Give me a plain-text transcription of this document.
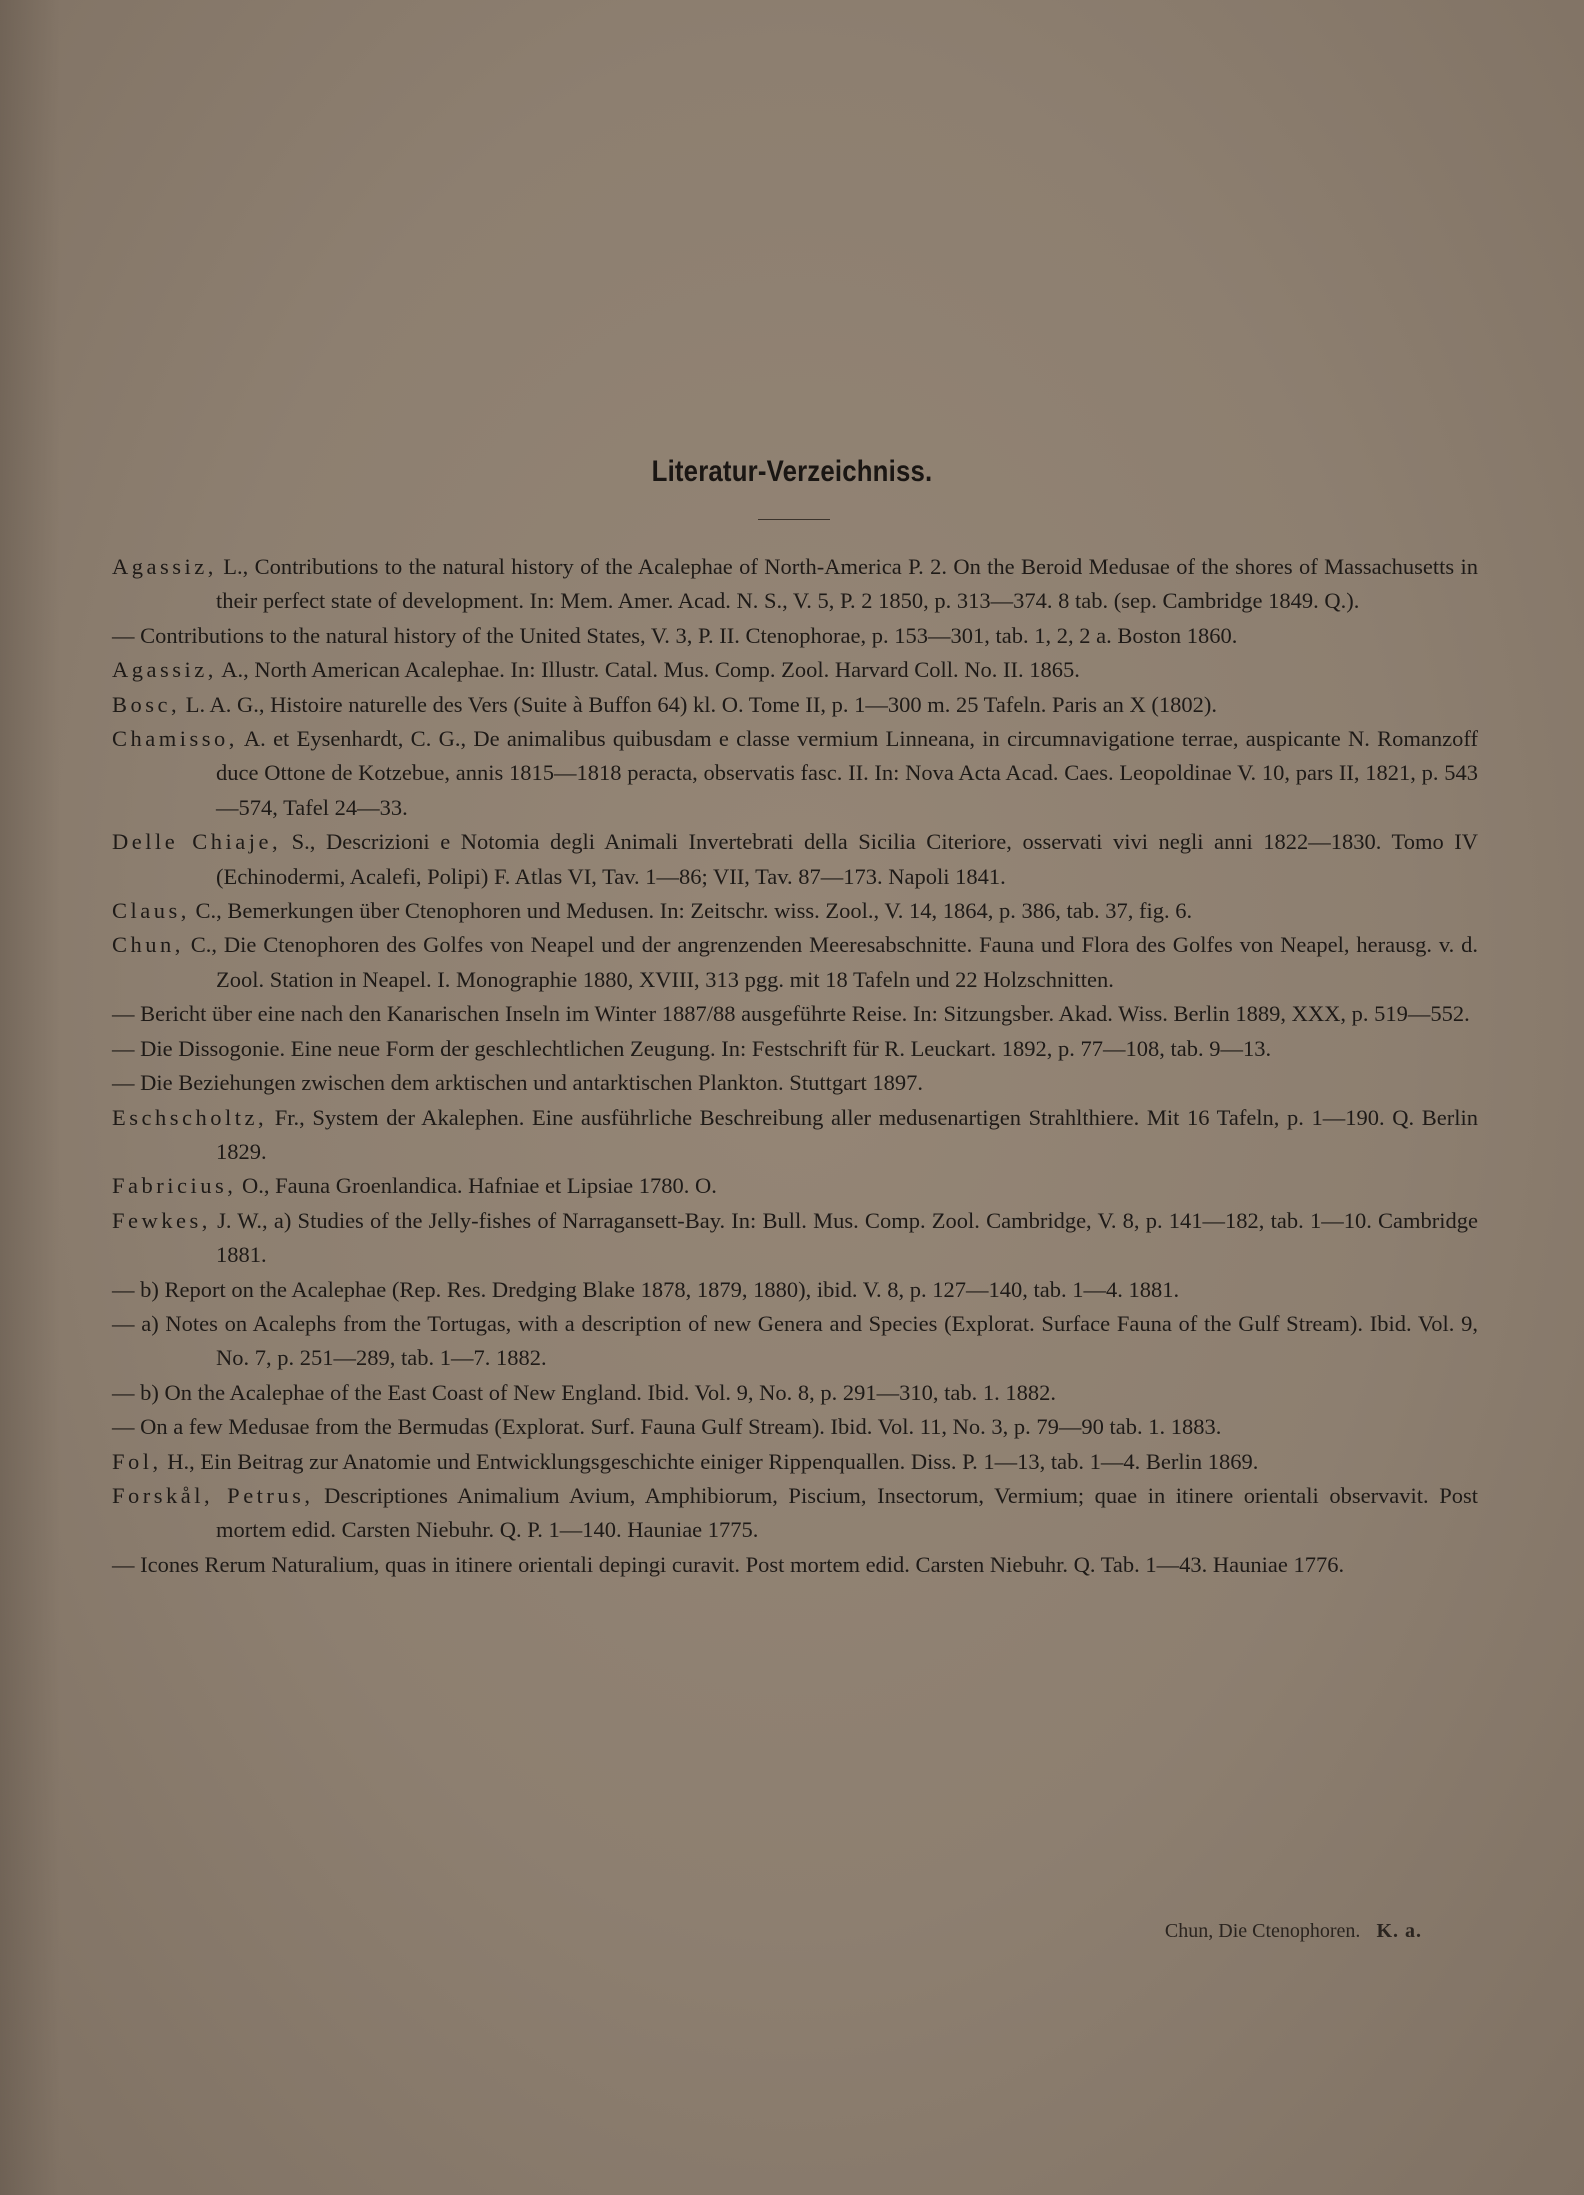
Literatur-Verzeichniss.
Agassiz, L., Contributions to the natural history of the Acalephae of North-America P. 2. On the Beroid Medusae of the shores of Massachusetts in their perfect state of development. In: Mem. Amer. Acad. N. S., V. 5, P. 2 1850, p. 313—374. 8 tab. (sep. Cambridge 1849. Q.).
— Contributions to the natural history of the United States, V. 3, P. II. Ctenophorae, p. 153—301, tab. 1, 2, 2 a. Boston 1860.
Agassiz, A., North American Acalephae. In: Illustr. Catal. Mus. Comp. Zool. Harvard Coll. No. II. 1865.
Bosc, L. A. G., Histoire naturelle des Vers (Suite à Buffon 64) kl. O. Tome II, p. 1—300 m. 25 Tafeln. Paris an X (1802).
Chamisso, A. et Eysenhardt, C. G., De animalibus quibusdam e classe vermium Linneana, in circumnavigatione terrae, auspicante N. Romanzoff duce Ottone de Kotzebue, annis 1815—1818 peracta, observatis fasc. II. In: Nova Acta Acad. Caes. Leopoldinae V. 10, pars II, 1821, p. 543—574, Tafel 24—33.
Delle Chiaje, S., Descrizioni e Notomia degli Animali Invertebrati della Sicilia Citeriore, osservati vivi negli anni 1822—1830. Tomo IV (Echinodermi, Acalefi, Polipi) F. Atlas VI, Tav. 1—86; VII, Tav. 87—173. Napoli 1841.
Claus, C., Bemerkungen über Ctenophoren und Medusen. In: Zeitschr. wiss. Zool., V. 14, 1864, p. 386, tab. 37, fig. 6.
Chun, C., Die Ctenophoren des Golfes von Neapel und der angrenzenden Meeresabschnitte. Fauna und Flora des Golfes von Neapel, herausg. v. d. Zool. Station in Neapel. I. Monographie 1880, XVIII, 313 pgg. mit 18 Tafeln und 22 Holzschnitten.
— Bericht über eine nach den Kanarischen Inseln im Winter 1887/88 ausgeführte Reise. In: Sitzungsber. Akad. Wiss. Berlin 1889, XXX, p. 519—552.
— Die Dissogonie. Eine neue Form der geschlechtlichen Zeugung. In: Festschrift für R. Leuckart. 1892, p. 77—108, tab. 9—13.
— Die Beziehungen zwischen dem arktischen und antarktischen Plankton. Stuttgart 1897.
Eschscholtz, Fr., System der Akalephen. Eine ausführliche Beschreibung aller medusenartigen Strahlthiere. Mit 16 Tafeln, p. 1—190. Q. Berlin 1829.
Fabricius, O., Fauna Groenlandica. Hafniae et Lipsiae 1780. O.
Fewkes, J. W., a) Studies of the Jelly-fishes of Narragansett-Bay. In: Bull. Mus. Comp. Zool. Cambridge, V. 8, p. 141—182, tab. 1—10. Cambridge 1881.
— b) Report on the Acalephae (Rep. Res. Dredging Blake 1878, 1879, 1880), ibid. V. 8, p. 127—140, tab. 1—4. 1881.
— a) Notes on Acalephs from the Tortugas, with a description of new Genera and Species (Explorat. Surface Fauna of the Gulf Stream). Ibid. Vol. 9, No. 7, p. 251—289, tab. 1—7. 1882.
— b) On the Acalephae of the East Coast of New England. Ibid. Vol. 9, No. 8, p. 291—310, tab. 1. 1882.
— On a few Medusae from the Bermudas (Explorat. Surf. Fauna Gulf Stream). Ibid. Vol. 11, No. 3, p. 79—90 tab. 1. 1883.
Fol, H., Ein Beitrag zur Anatomie und Entwicklungsgeschichte einiger Rippenquallen. Diss. P. 1—13, tab. 1—4. Berlin 1869.
Forskål, Petrus, Descriptiones Animalium Avium, Amphibiorum, Piscium, Insectorum, Vermium; quae in itinere orientali observavit. Post mortem edid. Carsten Niebuhr. Q. P. 1—140. Hauniae 1775.
— Icones Rerum Naturalium, quas in itinere orientali depingi curavit. Post mortem edid. Carsten Niebuhr. Q. Tab. 1—43. Hauniae 1776.
Chun, Die Ctenophoren. K. a.
